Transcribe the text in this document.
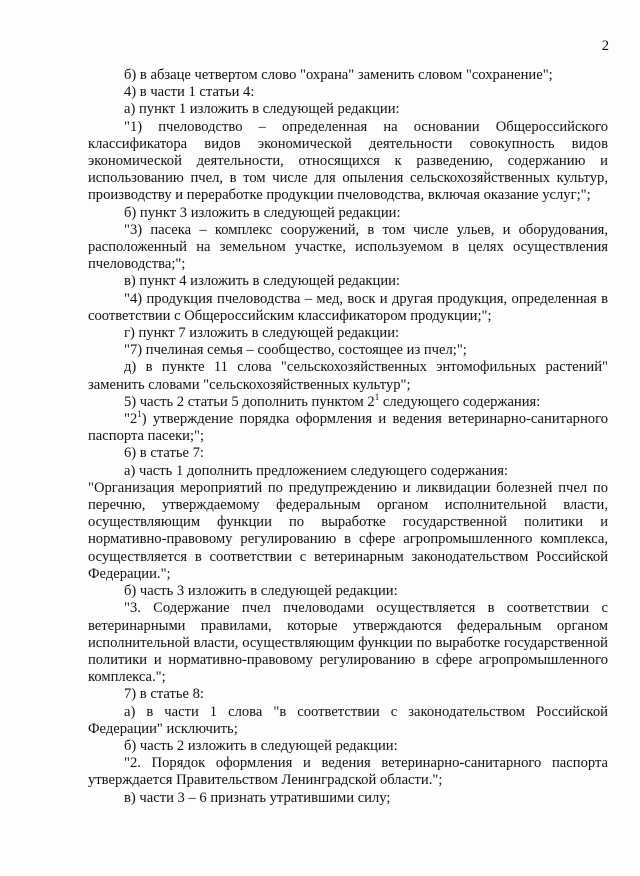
2

б) в абзаце четвертом слово "охрана" заменить словом "сохранение";

4) в части 1 статьи 4:

а) пункт 1 изложить в следующей редакции:

"1) пчеловодство – определенная на основании Общероссийского классификатора видов экономической деятельности совокупность видов экономической деятельности, относящихся к разведению, содержанию и использованию пчел, в том числе для опыления сельскохозяйственных культур, производству и переработке продукции пчеловодства, включая оказание услуг;";

б) пункт 3 изложить в следующей редакции:

"3) пасека – комплекс сооружений, в том числе ульев, и оборудования, расположенный на земельном участке, используемом в целях осуществления пчеловодства;";

в) пункт 4 изложить в следующей редакции:

"4) продукция пчеловодства – мед, воск и другая продукция, определенная в соответствии с Общероссийским классификатором продукции;";

г) пункт 7 изложить в следующей редакции:

"7) пчелиная семья – сообщество, состоящее из пчел;";

д) в пункте 11 слова "сельскохозяйственных энтомофильных растений" заменить словами "сельскохозяйственных культур";

5) часть 2 статьи 5 дополнить пунктом $2^1$ следующего содержания:

"$2^1$) утверждение порядка оформления и ведения ветеринарно-санитарного паспорта пасеки;";

6) в статье 7:

а) часть 1 дополнить предложением следующего содержания:

"Организация мероприятий по предупреждению и ликвидации болезней пчел по перечню, утверждаемому федеральным органом исполнительной власти, осуществляющим функции по выработке государственной политики и нормативно-правовому регулированию в сфере агропромышленного комплекса, осуществляется в соответствии с ветеринарным законодательством Российской Федерации.";

б) часть 3 изложить в следующей редакции:

"3. Содержание пчел пчеловодами осуществляется в соответствии с ветеринарными правилами, которые утверждаются федеральным органом исполнительной власти, осуществляющим функции по выработке государственной политики и нормативно-правовому регулированию в сфере агропромышленного комплекса.";

7) в статье 8:

а) в части 1 слова "в соответствии с законодательством Российской Федерации" исключить;

б) часть 2 изложить в следующей редакции:

"2. Порядок оформления и ведения ветеринарно-санитарного паспорта утверждается Правительством Ленинградской области.";

в) части 3 – 6 признать утратившими силу;
